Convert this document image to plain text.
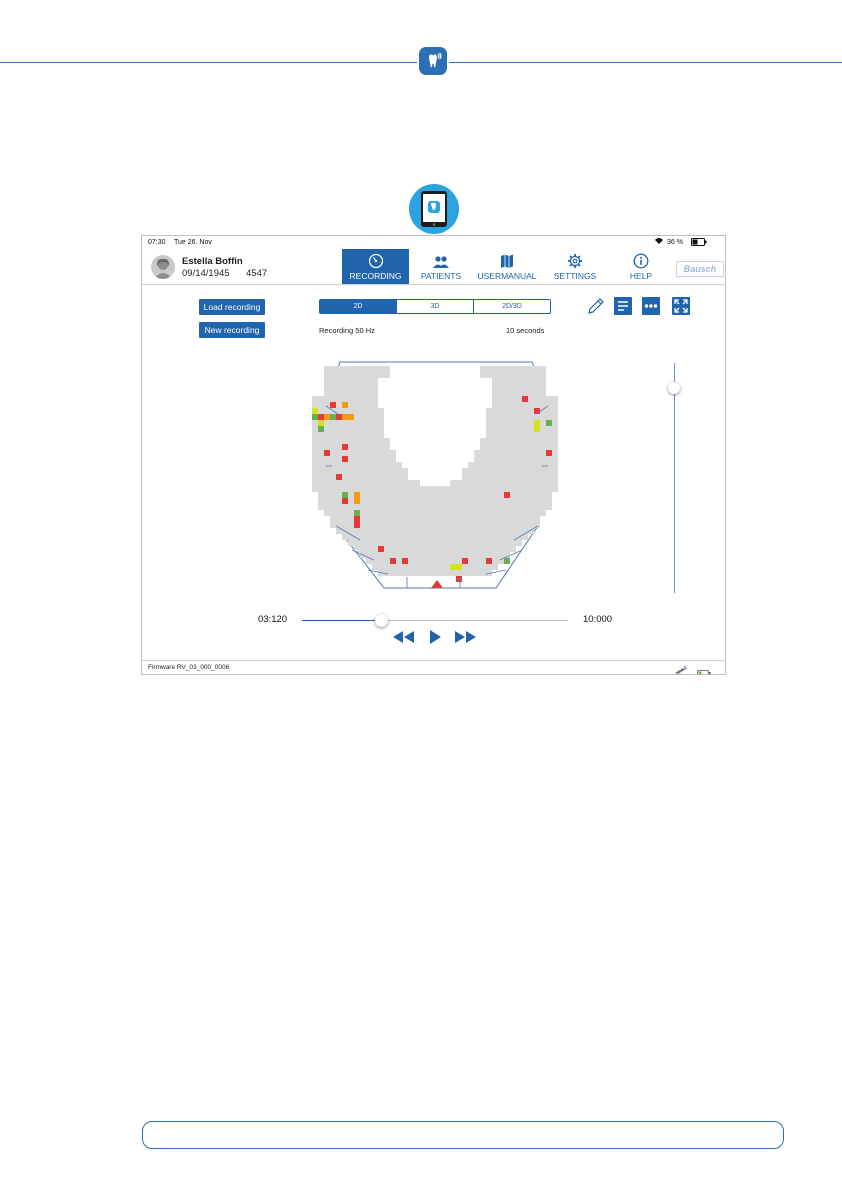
07:30 Tue 26. Nov	36 %
Estella Boffin
09/14/1945 4547	RECORDING PATIENTS USERMANUAL SETTINGS	HELP
Bausch
Load recording
New recording
2D	3D	2D/3D
Recording 50 Hz	10 seconds
03:120	10:000
Firmware RV_03_000_0006
